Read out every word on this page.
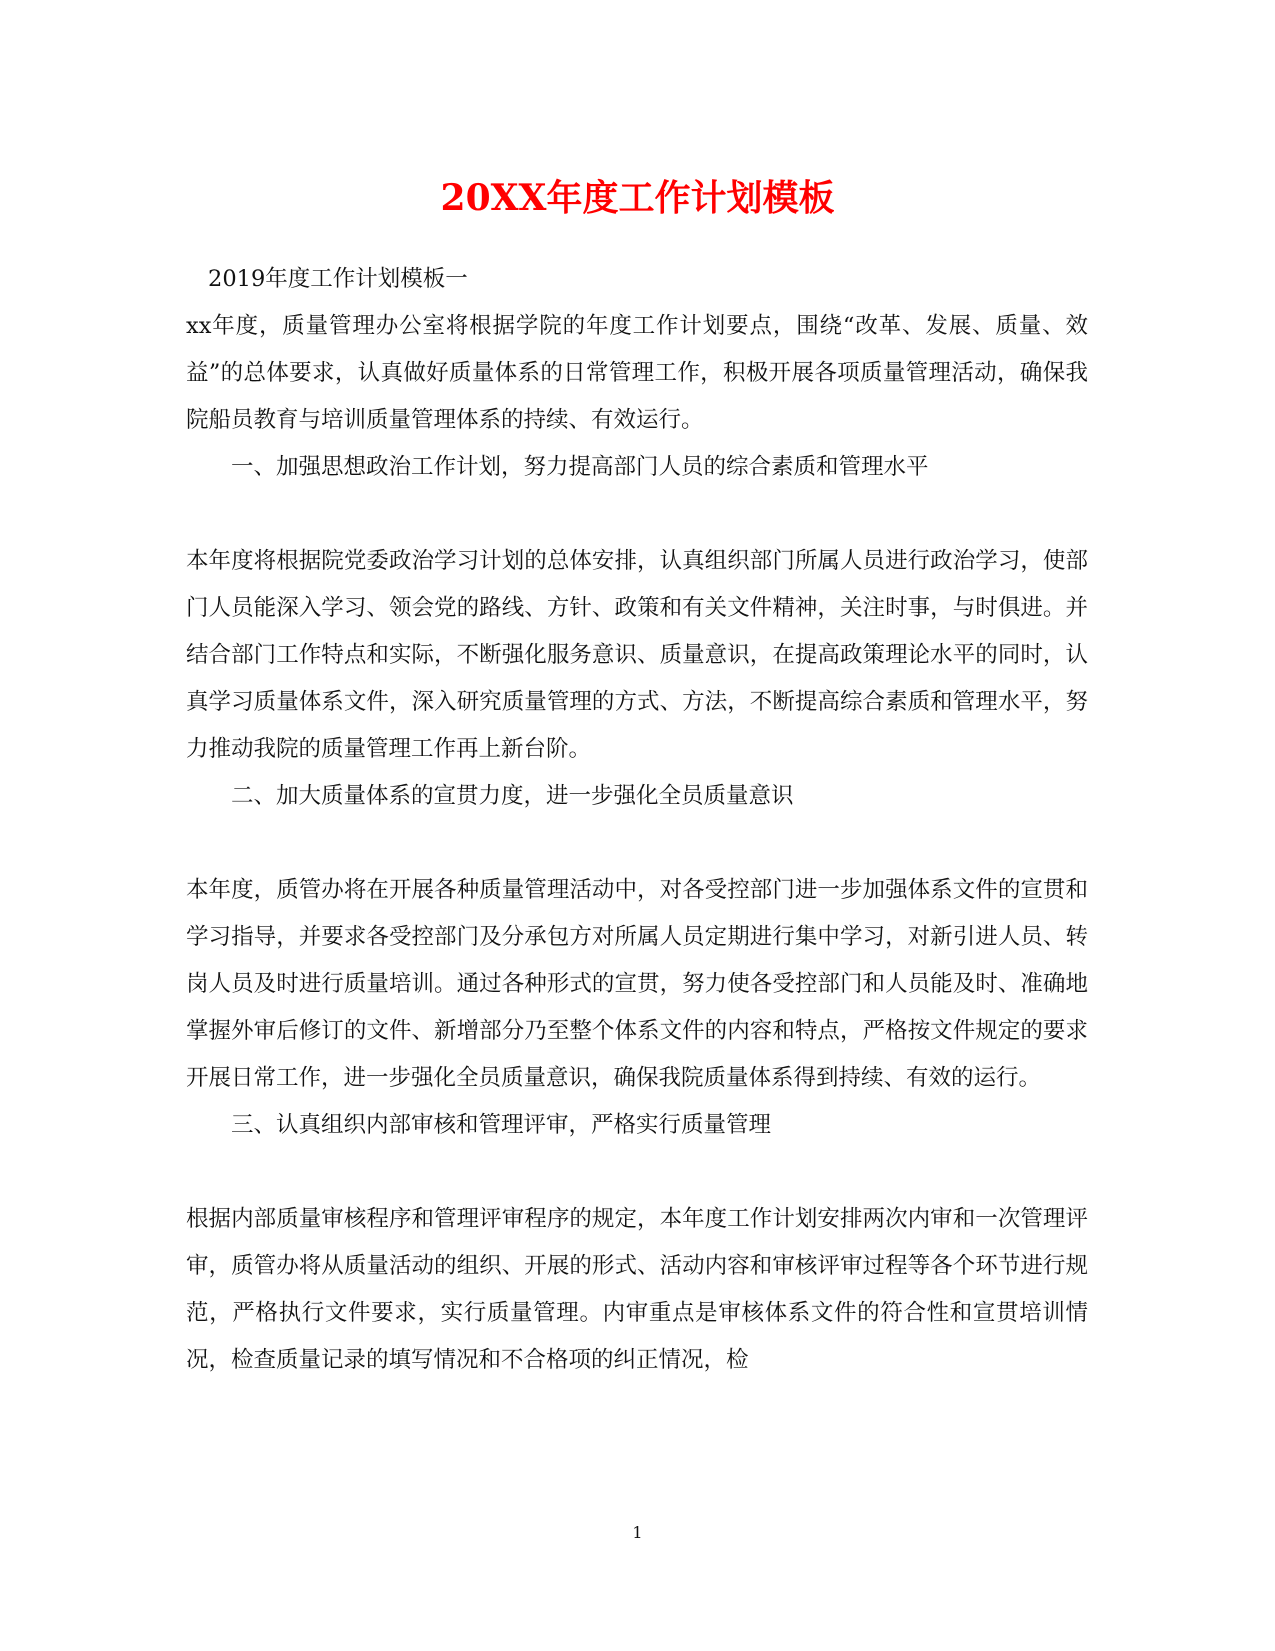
20XX年度工作计划模板

2019年度工作计划模板一

xx年度，质量管理办公室将根据学院的年度工作计划要点，围绕“改革、发展、质量、效益”的总体要求，认真做好质量体系的日常管理工作，积极开展各项质量管理活动，确保我院船员教育与培训质量管理体系的持续、有效运行。

一、加强思想政治工作计划，努力提高部门人员的综合素质和管理水平

本年度将根据院党委政治学习计划的总体安排，认真组织部门所属人员进行政治学习，使部门人员能深入学习、领会党的路线、方针、政策和有关文件精神，关注时事，与时俱进。并结合部门工作特点和实际，不断强化服务意识、质量意识，在提高政策理论水平的同时，认真学习质量体系文件，深入研究质量管理的方式、方法，不断提高综合素质和管理水平，努力推动我院的质量管理工作再上新台阶。

二、加大质量体系的宣贯力度，进一步强化全员质量意识

本年度，质管办将在开展各种质量管理活动中，对各受控部门进一步加强体系文件的宣贯和学习指导，并要求各受控部门及分承包方对所属人员定期进行集中学习，对新引进人员、转岗人员及时进行质量培训。通过各种形式的宣贯，努力使各受控部门和人员能及时、准确地掌握外审后修订的文件、新增部分乃至整个体系文件的内容和特点，严格按文件规定的要求开展日常工作，进一步强化全员质量意识，确保我院质量体系得到持续、有效的运行。

三、认真组织内部审核和管理评审，严格实行质量管理

根据内部质量审核程序和管理评审程序的规定，本年度工作计划安排两次内审和一次管理评审，质管办将从质量活动的组织、开展的形式、活动内容和审核评审过程等各个环节进行规范，严格执行文件要求，实行质量管理。内审重点是审核体系文件的符合性和宣贯培训情况，检查质量记录的填写情况和不合格项的纠正情况，检

1
